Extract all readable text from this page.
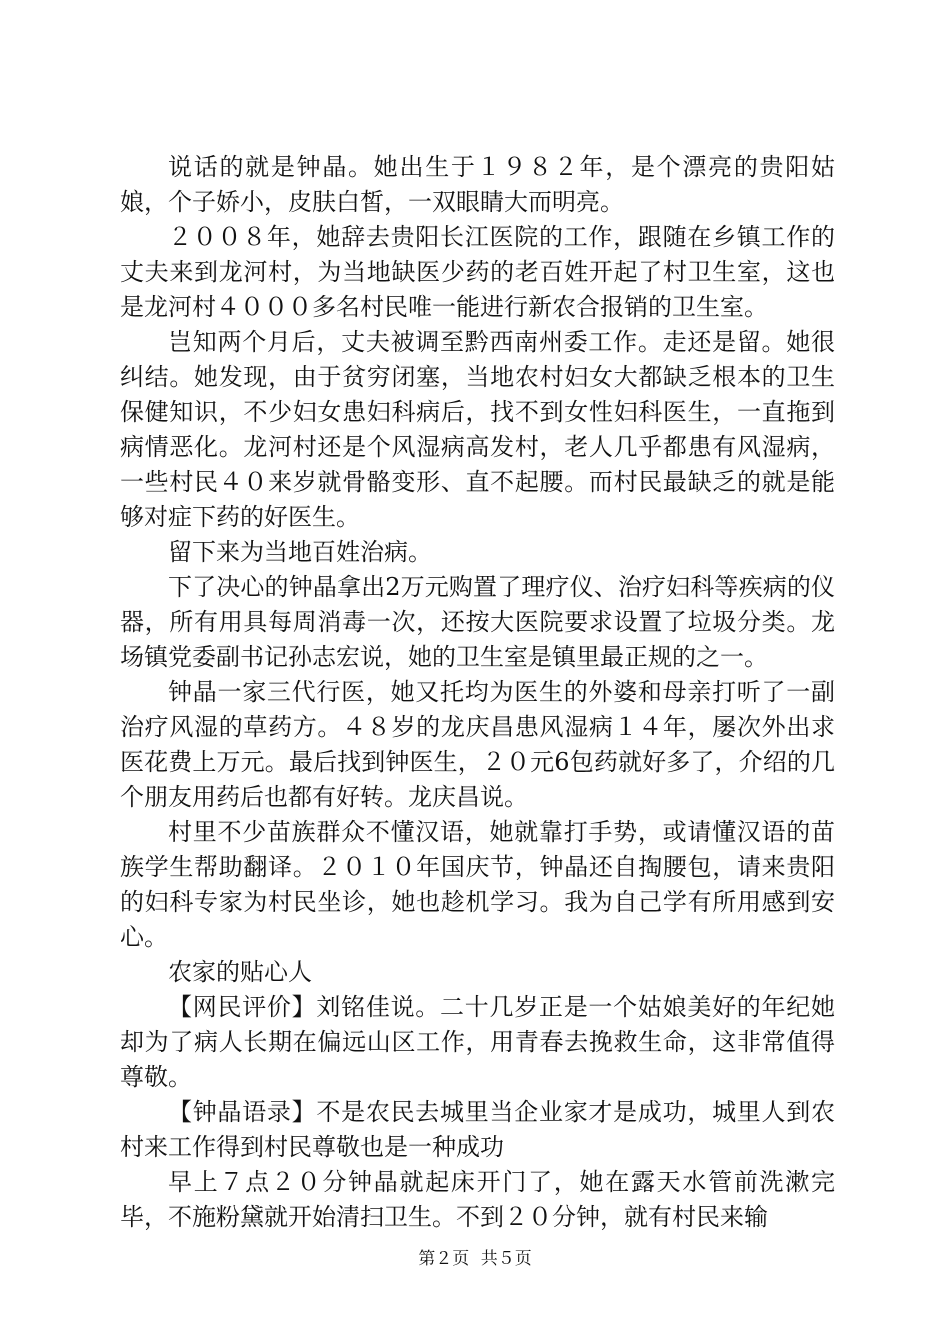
说话的就是钟晶。她出生于１９８２年，是个漂亮的贵阳姑娘，个子娇小，皮肤白皙，一双眼睛大而明亮。

２００８年，她辞去贵阳长江医院的工作，跟随在乡镇工作的丈夫来到龙河村，为当地缺医少药的老百姓开起了村卫生室，这也是龙河村４０００多名村民唯一能进行新农合报销的卫生室。

岂知两个月后，丈夫被调至黔西南州委工作。走还是留。她很纠结。她发现，由于贫穷闭塞，当地农村妇女大都缺乏根本的卫生保健知识，不少妇女患妇科病后，找不到女性妇科医生，一直拖到病情恶化。龙河村还是个风湿病高发村，老人几乎都患有风湿病，一些村民４０来岁就骨骼变形、直不起腰。而村民最缺乏的就是能够对症下药的好医生。

留下来为当地百姓治病。

下了决心的钟晶拿出2万元购置了理疗仪、治疗妇科等疾病的仪器，所有用具每周消毒一次，还按大医院要求设置了垃圾分类。龙场镇党委副书记孙志宏说，她的卫生室是镇里最正规的之一。

钟晶一家三代行医，她又托均为医生的外婆和母亲打听了一副治疗风湿的草药方。４８岁的龙庆昌患风湿病１４年，屡次外出求医花费上万元。最后找到钟医生，２０元6包药就好多了，介绍的几个朋友用药后也都有好转。龙庆昌说。

村里不少苗族群众不懂汉语，她就靠打手势，或请懂汉语的苗族学生帮助翻译。２０１０年国庆节，钟晶还自掏腰包，请来贵阳的妇科专家为村民坐诊，她也趁机学习。我为自己学有所用感到安心。

农家的贴心人

【网民评价】刘铭佳说。二十几岁正是一个姑娘美好的年纪她却为了病人长期在偏远山区工作，用青春去挽救生命，这非常值得尊敬。

【钟晶语录】不是农民去城里当企业家才是成功，城里人到农村来工作得到村民尊敬也是一种成功

早上７点２０分钟晶就起床开门了，她在露天水管前洗漱完毕，不施粉黛就开始清扫卫生。不到２０分钟，就有村民来输

第２页 共５页
